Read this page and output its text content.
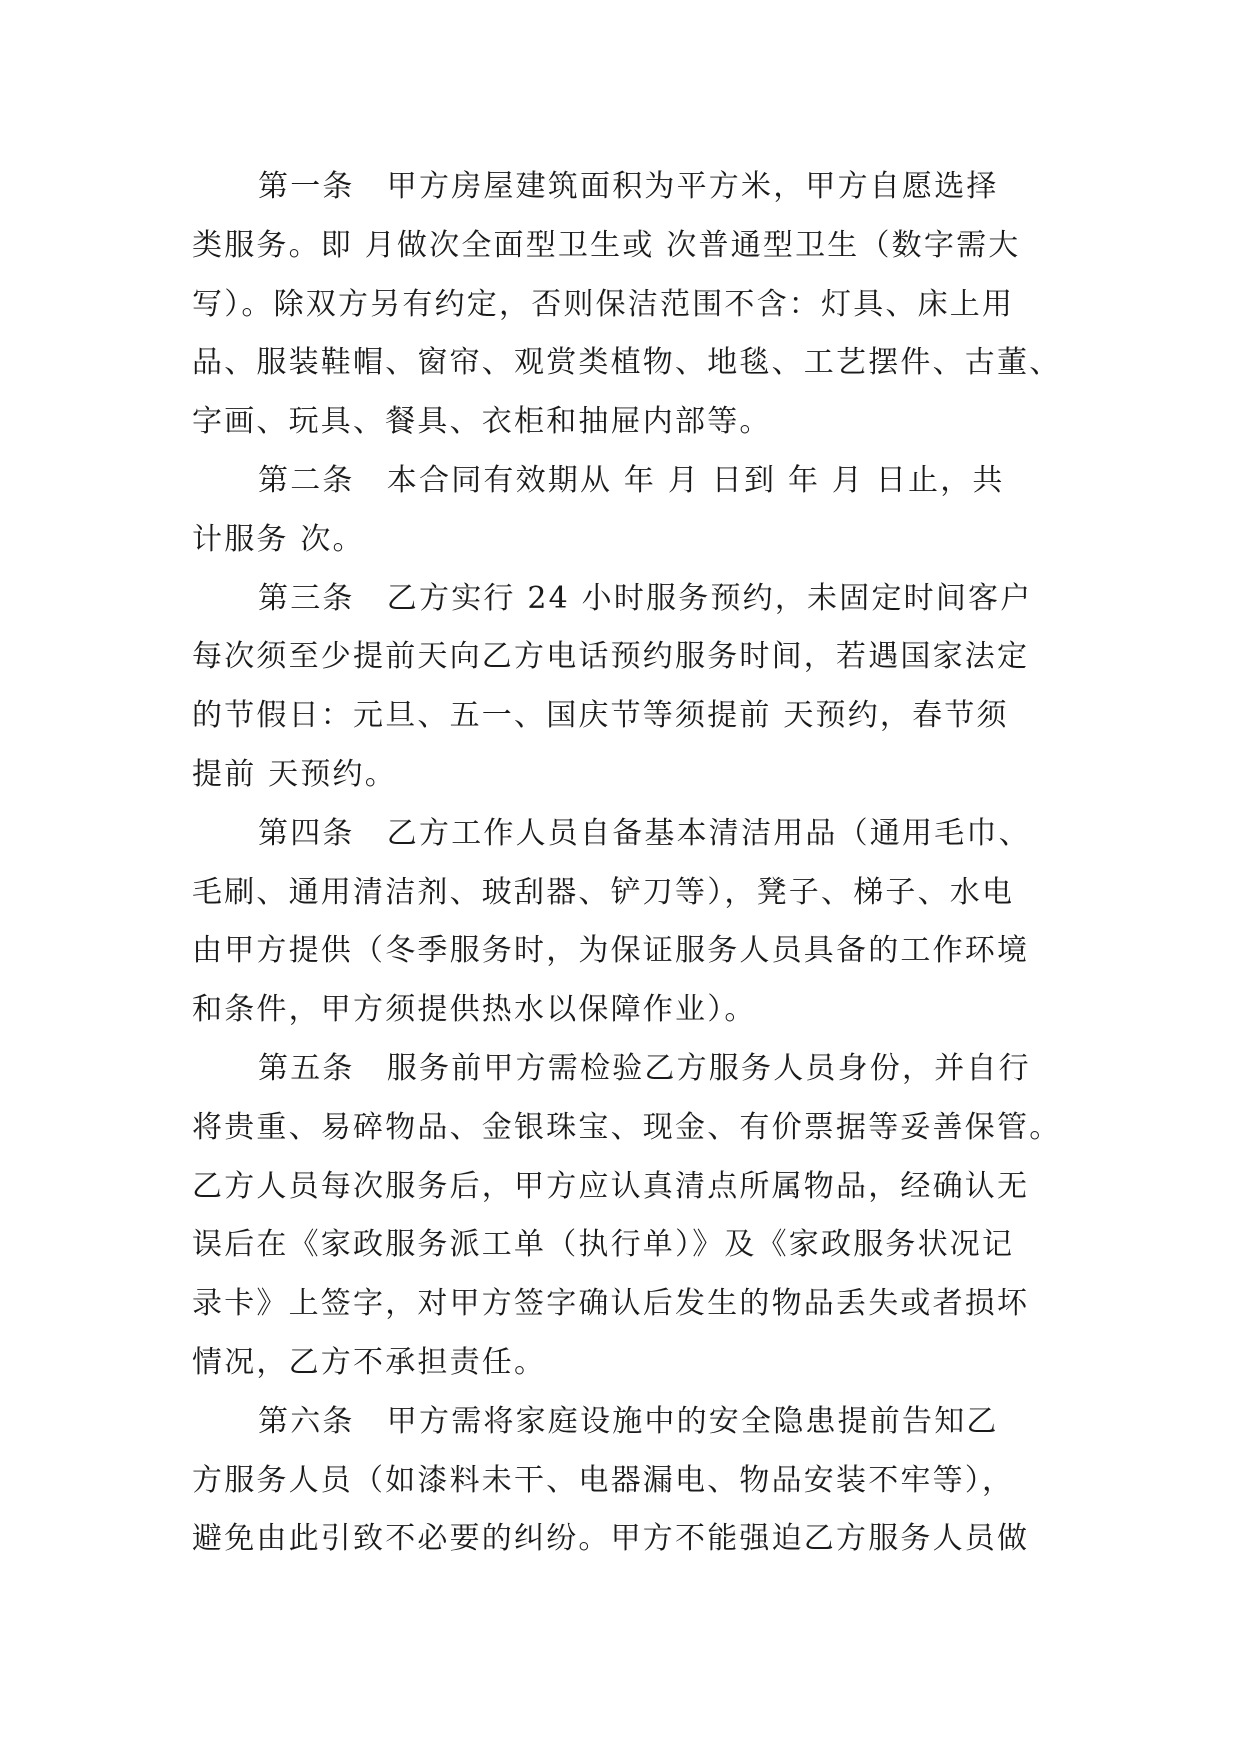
第一条　甲方房屋建筑面积为平方米，甲方自愿选择
类服务。即 月做次全面型卫生或 次普通型卫生（数字需大
写）。除双方另有约定，否则保洁范围不含：灯具、床上用
品、服装鞋帽、窗帘、观赏类植物、地毯、工艺摆件、古董、
字画、玩具、餐具、衣柜和抽屉内部等。
第二条　本合同有效期从 年 月 日到 年 月 日止，共
计服务 次。
第三条　乙方实行 24 小时服务预约，未固定时间客户
每次须至少提前天向乙方电话预约服务时间，若遇国家法定
的节假日：元旦、五一、国庆节等须提前 天预约，春节须
提前 天预约。
第四条　乙方工作人员自备基本清洁用品（通用毛巾、
毛刷、通用清洁剂、玻刮器、铲刀等），凳子、梯子、水电
由甲方提供（冬季服务时，为保证服务人员具备的工作环境
和条件，甲方须提供热水以保障作业）。
第五条　服务前甲方需检验乙方服务人员身份，并自行
将贵重、易碎物品、金银珠宝、现金、有价票据等妥善保管。
乙方人员每次服务后，甲方应认真清点所属物品，经确认无
误后在《家政服务派工单（执行单）》及《家政服务状况记
录卡》上签字，对甲方签字确认后发生的物品丢失或者损坏
情况，乙方不承担责任。
第六条　甲方需将家庭设施中的安全隐患提前告知乙
方服务人员（如漆料未干、电器漏电、物品安装不牢等），
避免由此引致不必要的纠纷。甲方不能强迫乙方服务人员做
